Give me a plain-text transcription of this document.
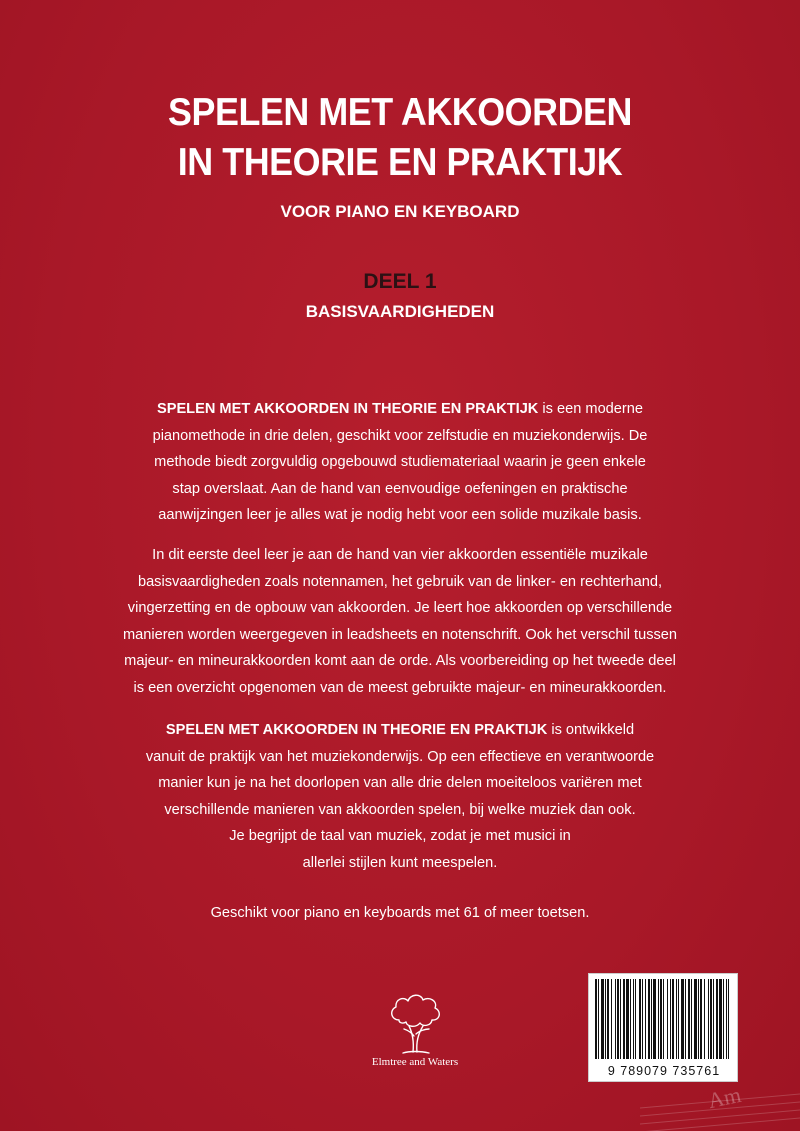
SPELEN MET AKKOORDEN
IN THEORIE EN PRAKTIJK

VOOR PIANO EN KEYBOARD

DEEL 1

BASISVAARDIGHEDEN

SPELEN MET AKKOORDEN IN THEORIE EN PRAKTIJK is een moderne
pianomethode in drie delen, geschikt voor zelfstudie en muziekonderwijs. De
methode biedt zorgvuldig opgebouwd studiemateriaal waarin je geen enkele
stap overslaat. Aan de hand van eenvoudige oefeningen en praktische
aanwijzingen leer je alles wat je nodig hebt voor een solide muzikale basis.

In dit eerste deel leer je aan de hand van vier akkoorden essentiële muzikale
basisvaardigheden zoals notennamen, het gebruik van de linker- en rechterhand,
vingerzetting en de opbouw van akkoorden. Je leert hoe akkoorden op verschillende
manieren worden weergegeven in leadsheets en notenschrift. Ook het verschil tussen
majeur- en mineurakkoorden komt aan de orde. Als voorbereiding op het tweede deel
is een overzicht opgenomen van de meest gebruikte majeur- en mineurakkoorden.

SPELEN MET AKKOORDEN IN THEORIE EN PRAKTIJK is ontwikkeld
vanuit de praktijk van het muziekonderwijs. Op een effectieve en verantwoorde
manier kun je na het doorlopen van alle drie delen moeiteloos variëren met
verschillende manieren van akkoorden spelen, bij welke muziek dan ook.
Je begrijpt de taal van muziek, zodat je met musici in
allerlei stijlen kunt meespelen.

Geschikt voor piano en keyboards met 61 of meer toetsen.

Elmtree and Waters

9 789079 735761

Am
